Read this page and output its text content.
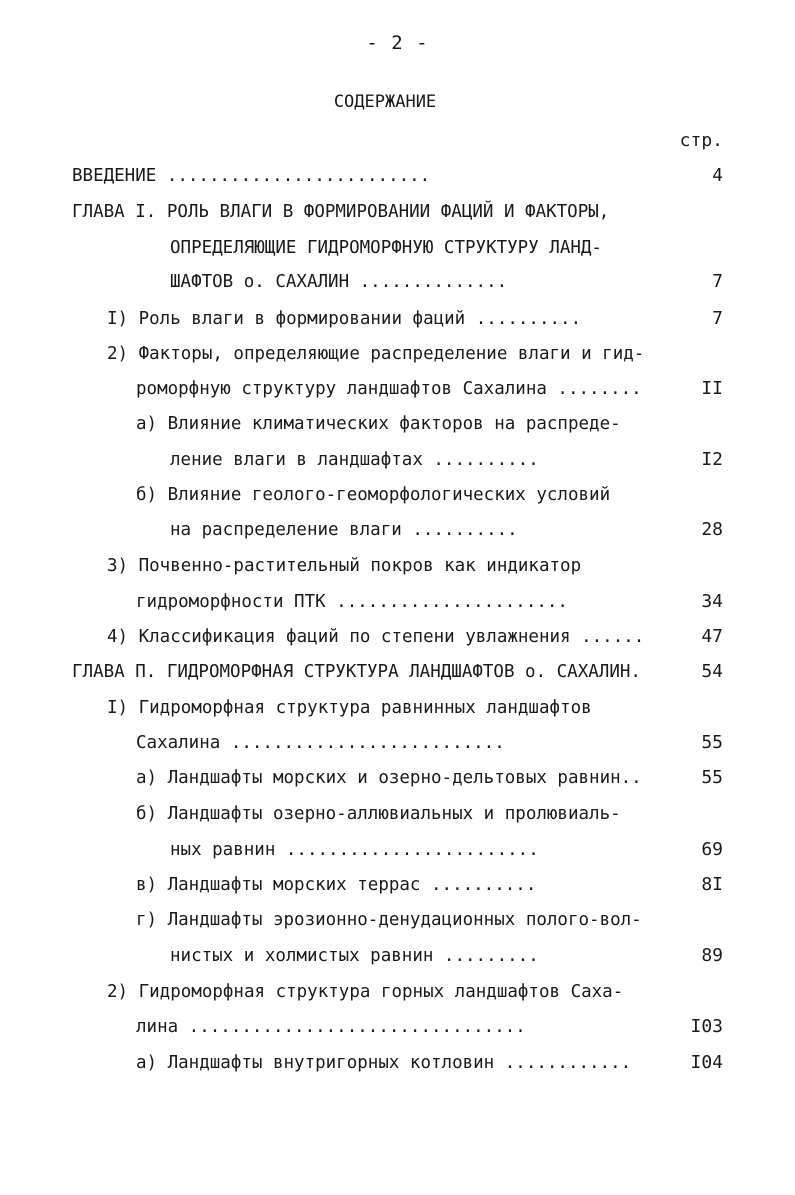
- 2 -
СОДЕРЖАНИЕ
стр.
ВВЕДЕНИЕ .........................	4
ГЛАВА I. РОЛЬ ВЛАГИ В ФОРМИРОВАНИИ ФАЦИЙ И ФАКТОРЫ,
ОПРЕДЕЛЯЮЩИЕ ГИДРОМОРФНУЮ СТРУКТУРУ ЛАНД-
ШАФТОВ о. САХАЛИН ..............	7
I) Роль влаги в формировании фаций ..........	7
2) Факторы, определяющие распределение влаги и гид-
роморфную структуру ландшафтов Сахалина ........	II
а) Влияние климатических факторов на распреде-
ление влаги в ландшафтах ..........	I2
б) Влияние геолого-геоморфологических условий
на распределение влаги ..........	28
3) Почвенно-растительный покров как индикатор
гидроморфности ПТК ......................	34
4) Классификация фаций по степени увлажнения ......	47
ГЛАВА П. ГИДРОМОРФНАЯ СТРУКТУРА ЛАНДШАФТОВ о. САХАЛИН.	54
I) Гидроморфная структура равнинных ландшафтов
Сахалина ..........................	55
а) Ландшафты морских и озерно-дельтовых равнин..	55
б) Ландшафты озерно-аллювиальных и пролювиаль-
ных равнин ........................	69
в) Ландшафты морских террас ..........	8I
г) Ландшафты эрозионно-денудационных полого-вол-
нистых и холмистых равнин .........	89
2) Гидроморфная структура горных ландшафтов Саха-
лина ................................	I03
а) Ландшафты внутригорных котловин ............	I04
